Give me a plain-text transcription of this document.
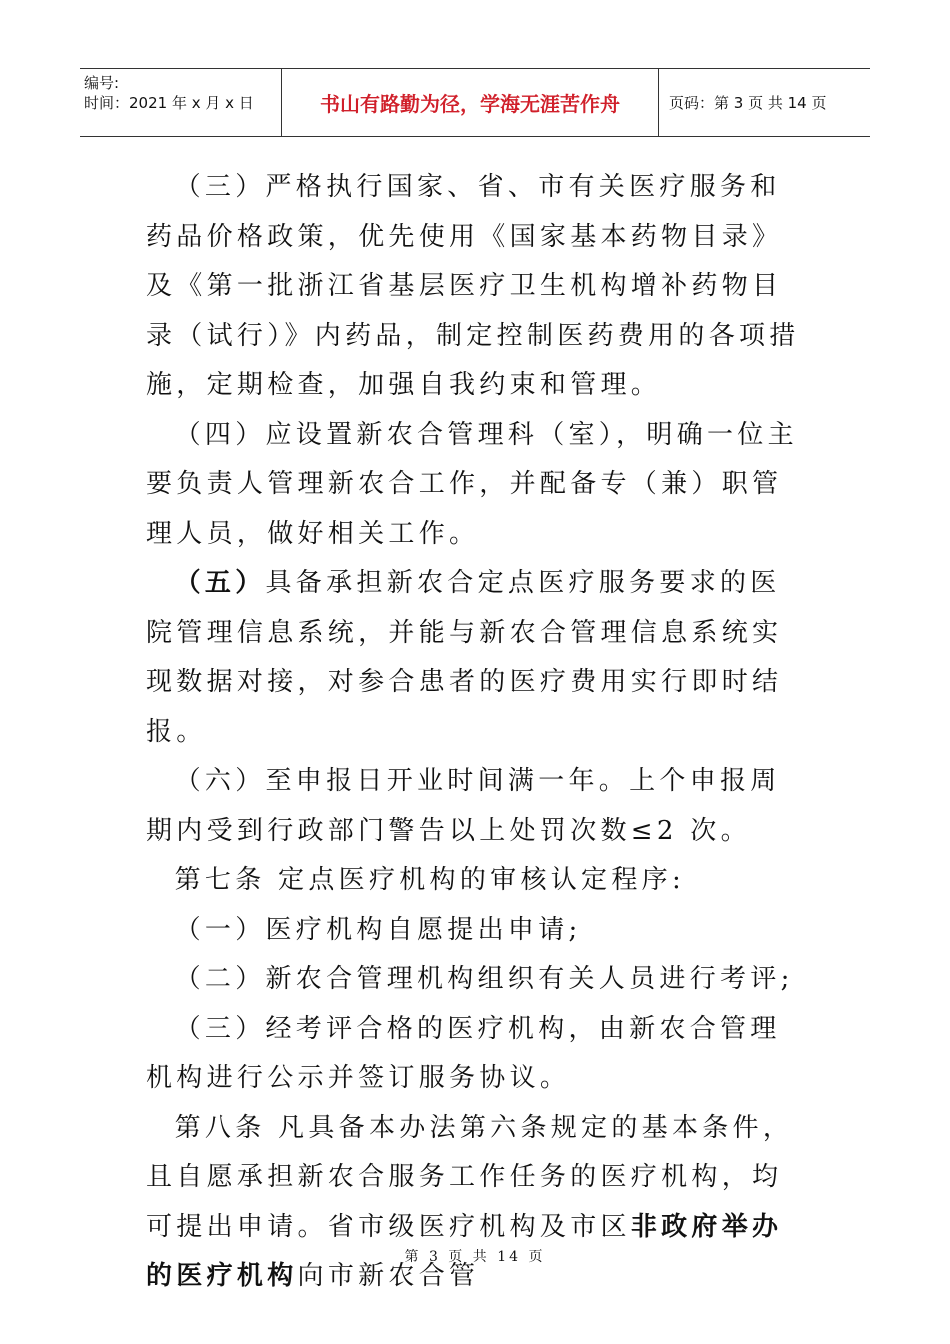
编号:
时间：2021 年 x 月 x 日	书山有路勤为径，学海无涯苦作舟	页码：第 3 页 共 14 页

（三）严格执行国家、省、市有关医疗服务和药品价格政策，优先使用《国家基本药物目录》及《第一批浙江省基层医疗卫生机构增补药物目录（试行）》内药品，制定控制医药费用的各项措施，定期检查，加强自我约束和管理。

（四）应设置新农合管理科（室），明确一位主要负责人管理新农合工作，并配备专（兼）职管理人员，做好相关工作。

（五）具备承担新农合定点医疗服务要求的医院管理信息系统，并能与新农合管理信息系统实现数据对接，对参合患者的医疗费用实行即时结报。

（六）至申报日开业时间满一年。上个申报周期内受到行政部门警告以上处罚次数≤2 次。

第七条 定点医疗机构的审核认定程序:

（一）医疗机构自愿提出申请;

（二）新农合管理机构组织有关人员进行考评;

（三）经考评合格的医疗机构，由新农合管理机构进行公示并签订服务协议。

第八条 凡具备本办法第六条规定的基本条件，且自愿承担新农合服务工作任务的医疗机构，均可提出申请。省市级医疗机构及市区非政府举办的医疗机构向市新农合管

第 3 页 共 14 页
